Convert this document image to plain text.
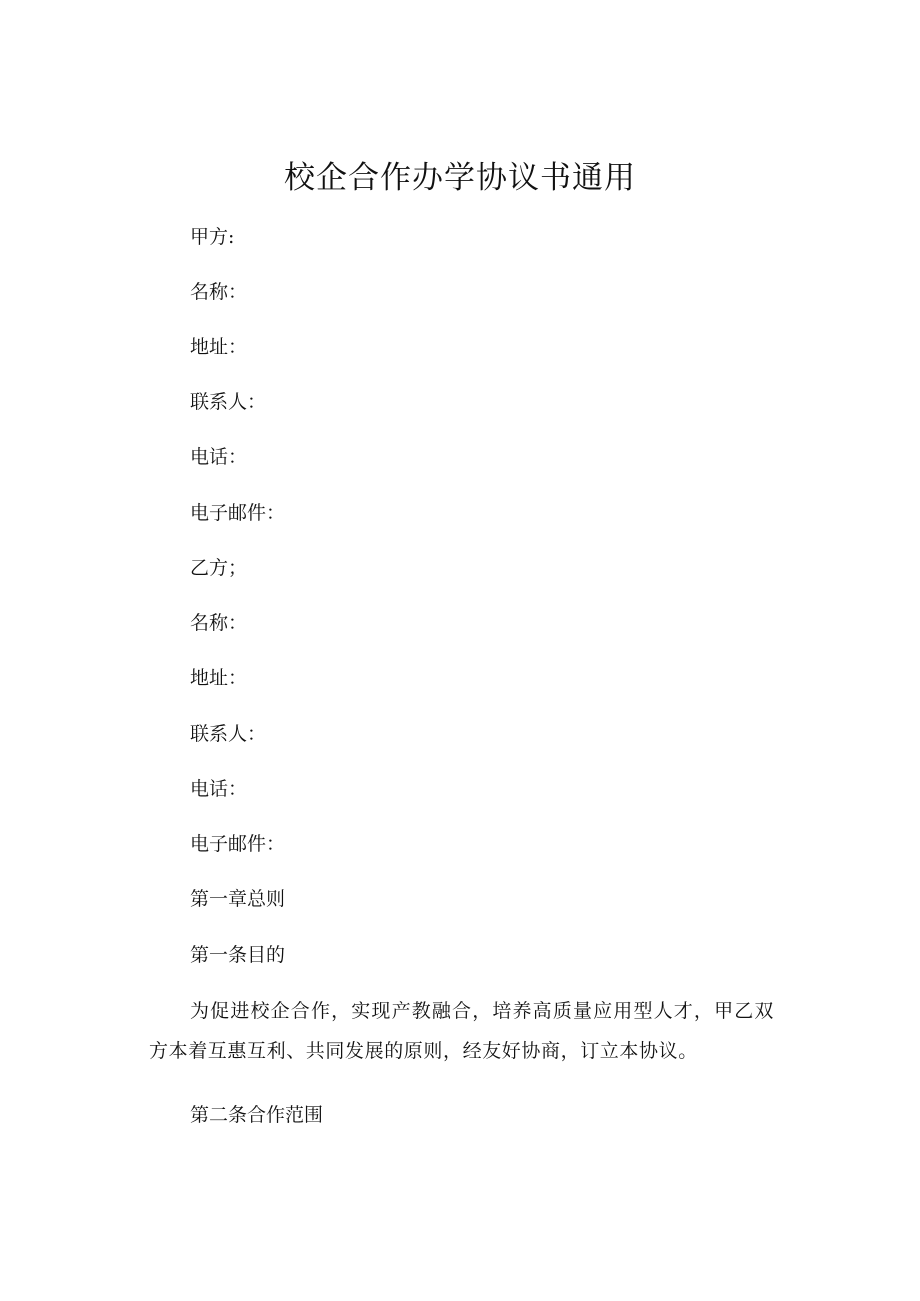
校企合作办学协议书通用

甲方:

名称：

地址：

联系人：

电话：

电子邮件：

乙方；

名称：

地址：

联系人：

电话：

电子邮件：

第一章总则

第一条目的

为促进校企合作，实现产教融合，培养高质量应用型人才，甲乙双方本着互惠互利、共同发展的原则，经友好协商，订立本协议。

第二条合作范围
